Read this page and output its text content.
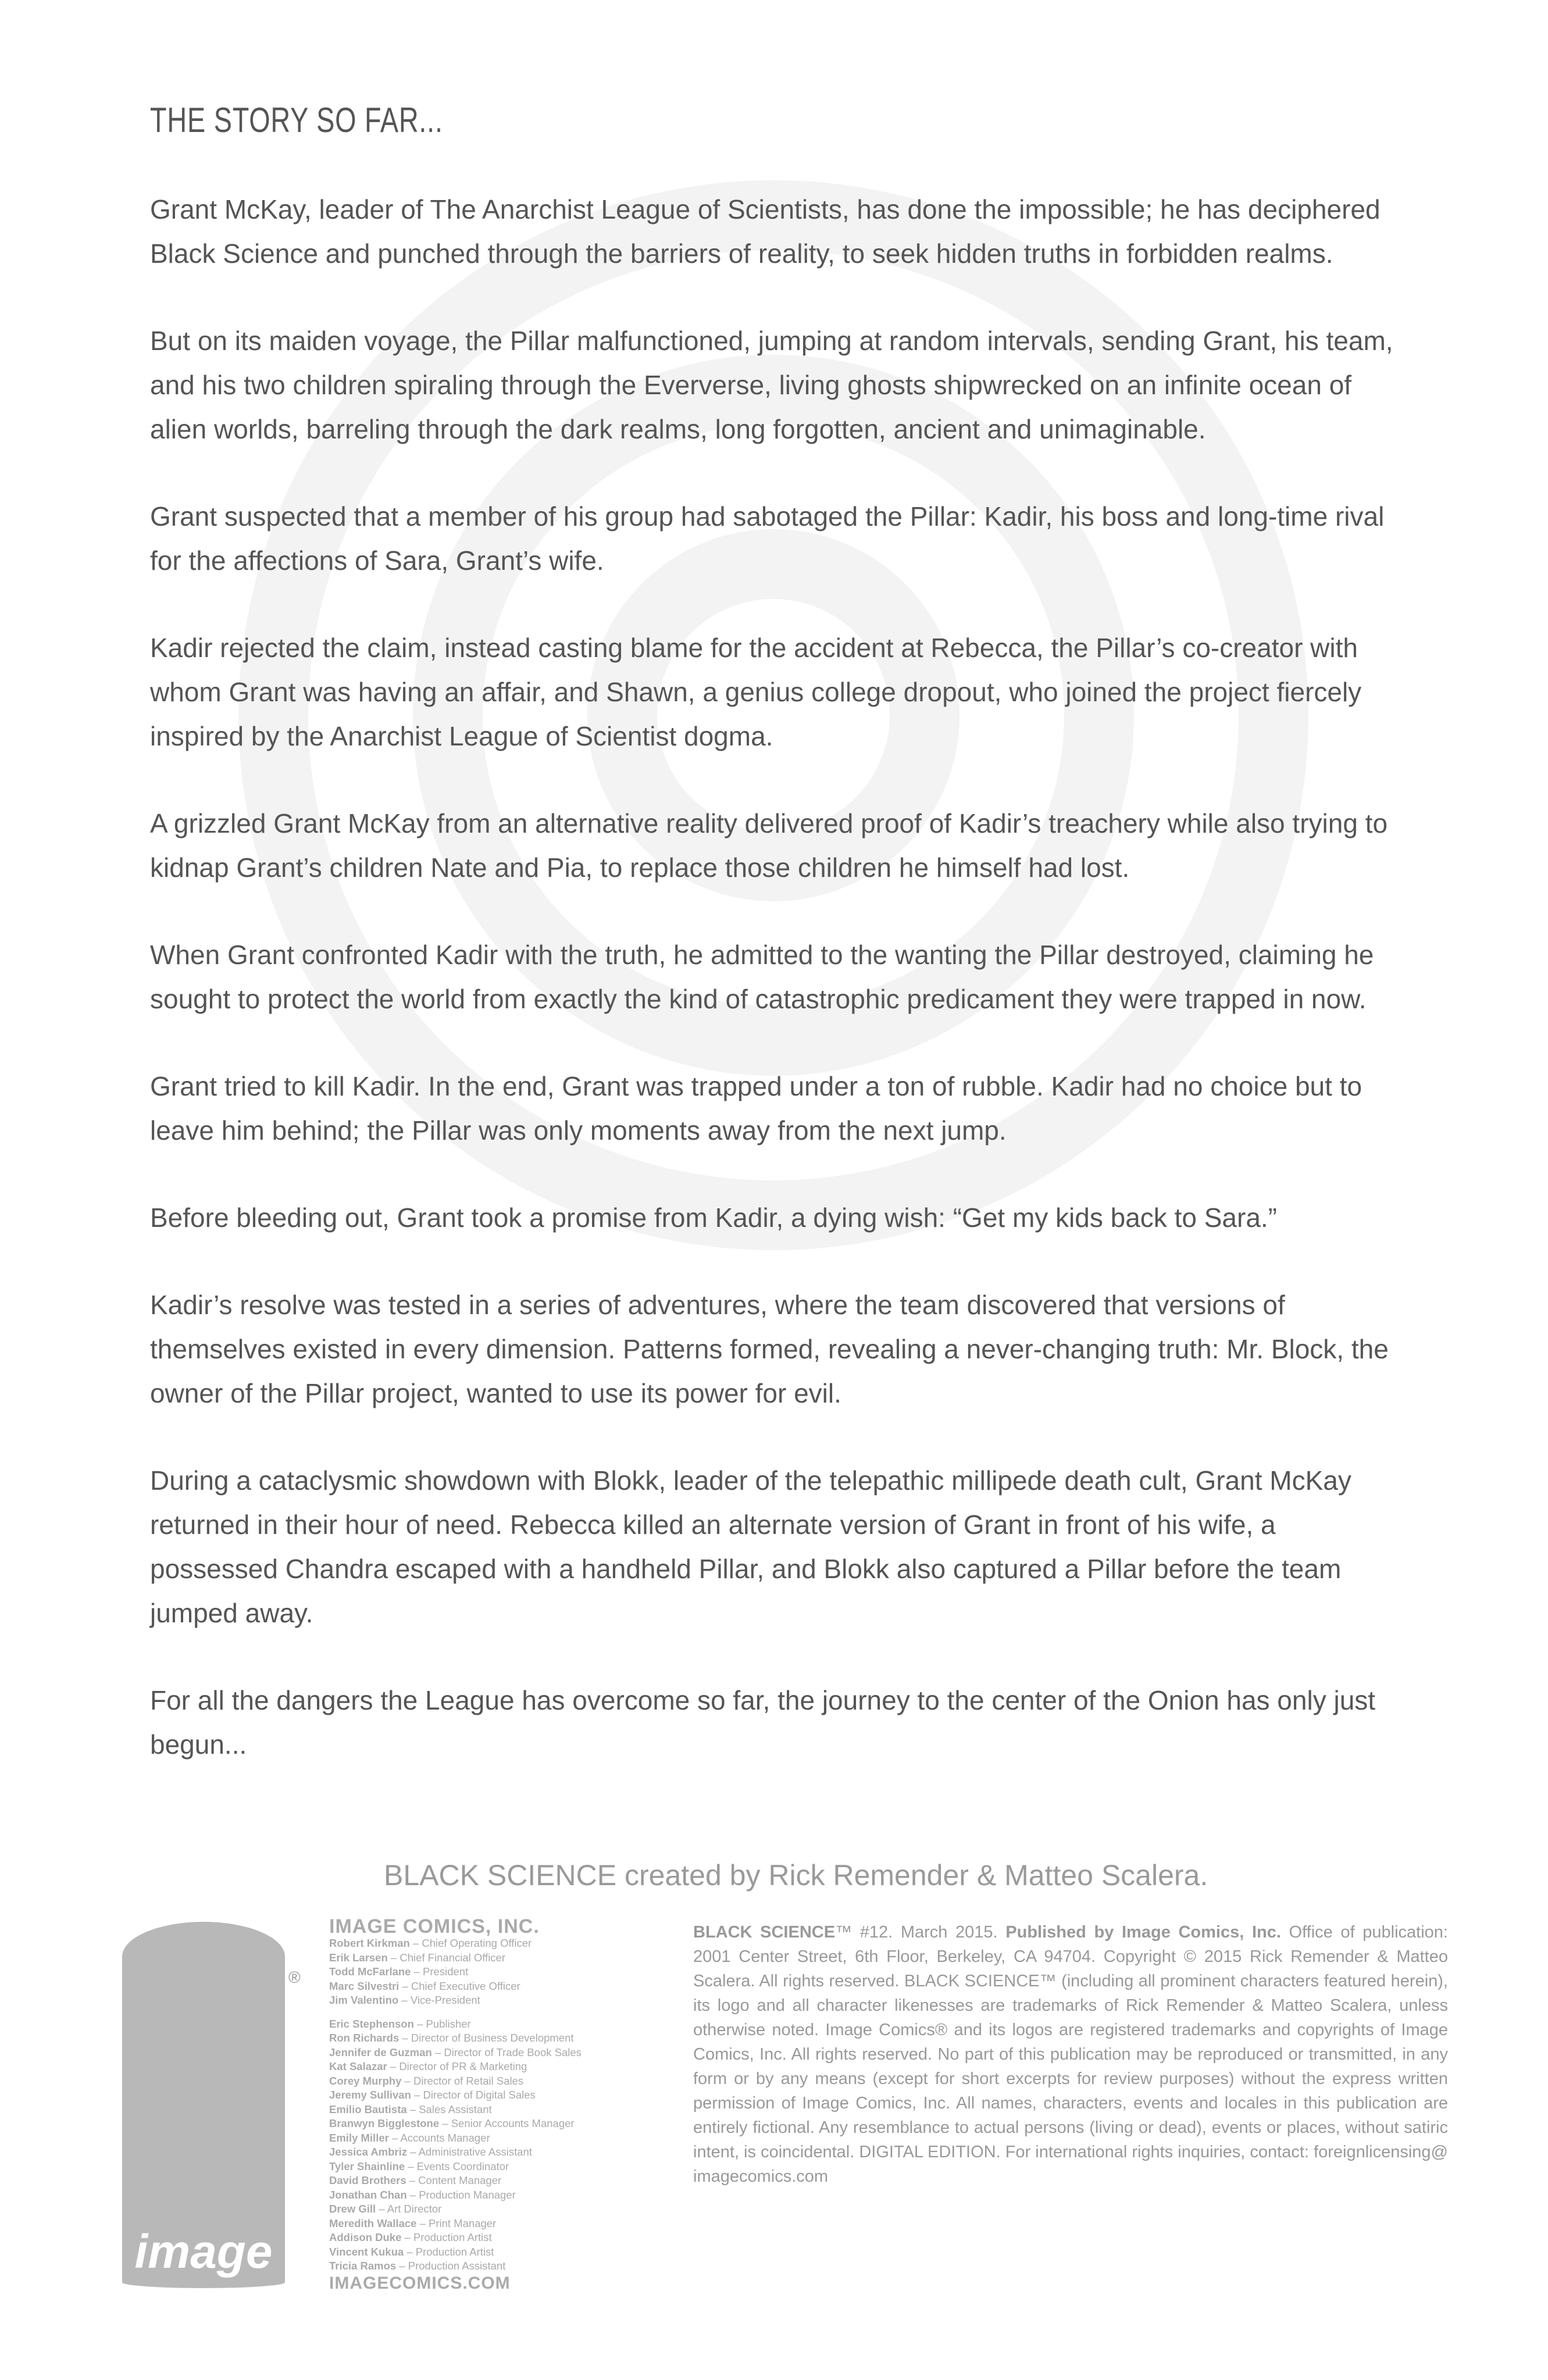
THE STORY SO FAR...

Grant McKay, leader of The Anarchist League of Scientists, has done the impossible; he has deciphered Black Science and punched through the barriers of reality, to seek hidden truths in forbidden realms.

But on its maiden voyage, the Pillar malfunctioned, jumping at random intervals, sending Grant, his team, and his two children spiraling through the Eververse, living ghosts shipwrecked on an infinite ocean of alien worlds, barreling through the dark realms, long forgotten, ancient and unimaginable.

Grant suspected that a member of his group had sabotaged the Pillar: Kadir, his boss and long-time rival for the affections of Sara, Grant’s wife.

Kadir rejected the claim, instead casting blame for the accident at Rebecca, the Pillar’s co-creator with whom Grant was having an affair, and Shawn, a genius college dropout, who joined the project fiercely inspired by the Anarchist League of Scientist dogma.

A grizzled Grant McKay from an alternative reality delivered proof of Kadir’s treachery while also trying to kidnap Grant’s children Nate and Pia, to replace those children he himself had lost.

When Grant confronted Kadir with the truth, he admitted to the wanting the Pillar destroyed, claiming he sought to protect the world from exactly the kind of catastrophic predicament they were trapped in now.

Grant tried to kill Kadir. In the end, Grant was trapped under a ton of rubble. Kadir had no choice but to leave him behind; the Pillar was only moments away from the next jump.

Before bleeding out, Grant took a promise from Kadir, a dying wish: “Get my kids back to Sara.”

Kadir’s resolve was tested in a series of adventures, where the team discovered that versions of themselves existed in every dimension. Patterns formed, revealing a never-changing truth: Mr. Block, the owner of the Pillar project, wanted to use its power for evil.

During a cataclysmic showdown with Blokk, leader of the telepathic millipede death cult, Grant McKay returned in their hour of need. Rebecca killed an alternate version of Grant in front of his wife, a possessed Chandra escaped with a handheld Pillar, and Blokk also captured a Pillar before the team jumped away.

For all the dangers the League has overcome so far, the journey to the center of the Onion has only just begun...

BLACK SCIENCE created by Rick Remender & Matteo Scalera.
image
®
IMAGE COMICS, INC.
Robert Kirkman – Chief Operating Officer
Erik Larsen – Chief Financial Officer
Todd McFarlane – President
Marc Silvestri – Chief Executive Officer
Jim Valentino – Vice-President
Eric Stephenson – Publisher
Ron Richards – Director of Business Development
Jennifer de Guzman – Director of Trade Book Sales
Kat Salazar – Director of PR & Marketing
Corey Murphy – Director of Retail Sales
Jeremy Sullivan – Director of Digital Sales
Emilio Bautista – Sales Assistant
Branwyn Bigglestone – Senior Accounts Manager
Emily Miller – Accounts Manager
Jessica Ambriz – Administrative Assistant
Tyler Shainline – Events Coordinator
David Brothers – Content Manager
Jonathan Chan – Production Manager
Drew Gill – Art Director
Meredith Wallace – Print Manager
Addison Duke – Production Artist
Vincent Kukua – Production Artist
Tricia Ramos – Production Assistant
IMAGECOMICS.COM
BLACK SCIENCE™ #12. March 2015. Published by Image Comics, Inc. Office of publication: 2001 Center Street, 6th Floor, Berkeley, CA 94704. Copyright © 2015 Rick Remender & Matteo Scalera. All rights reserved. BLACK SCIENCE™ (including all prominent characters featured herein), its logo and all character likenesses are trademarks of Rick Remender & Matteo Scalera, unless otherwise noted. Image Comics® and its logos are registered trademarks and copyrights of Image Comics, Inc. All rights reserved. No part of this publication may be reproduced or transmitted, in any form or by any means (except for short excerpts for review purposes) without the express written permission of Image Comics, Inc. All names, characters, events and locales in this publication are entirely fictional. Any resemblance to actual persons (living or dead), events or places, without satiric intent, is coincidental. DIGITAL EDITION. For international rights inquiries, contact: foreignlicensing@ imagecomics.com
